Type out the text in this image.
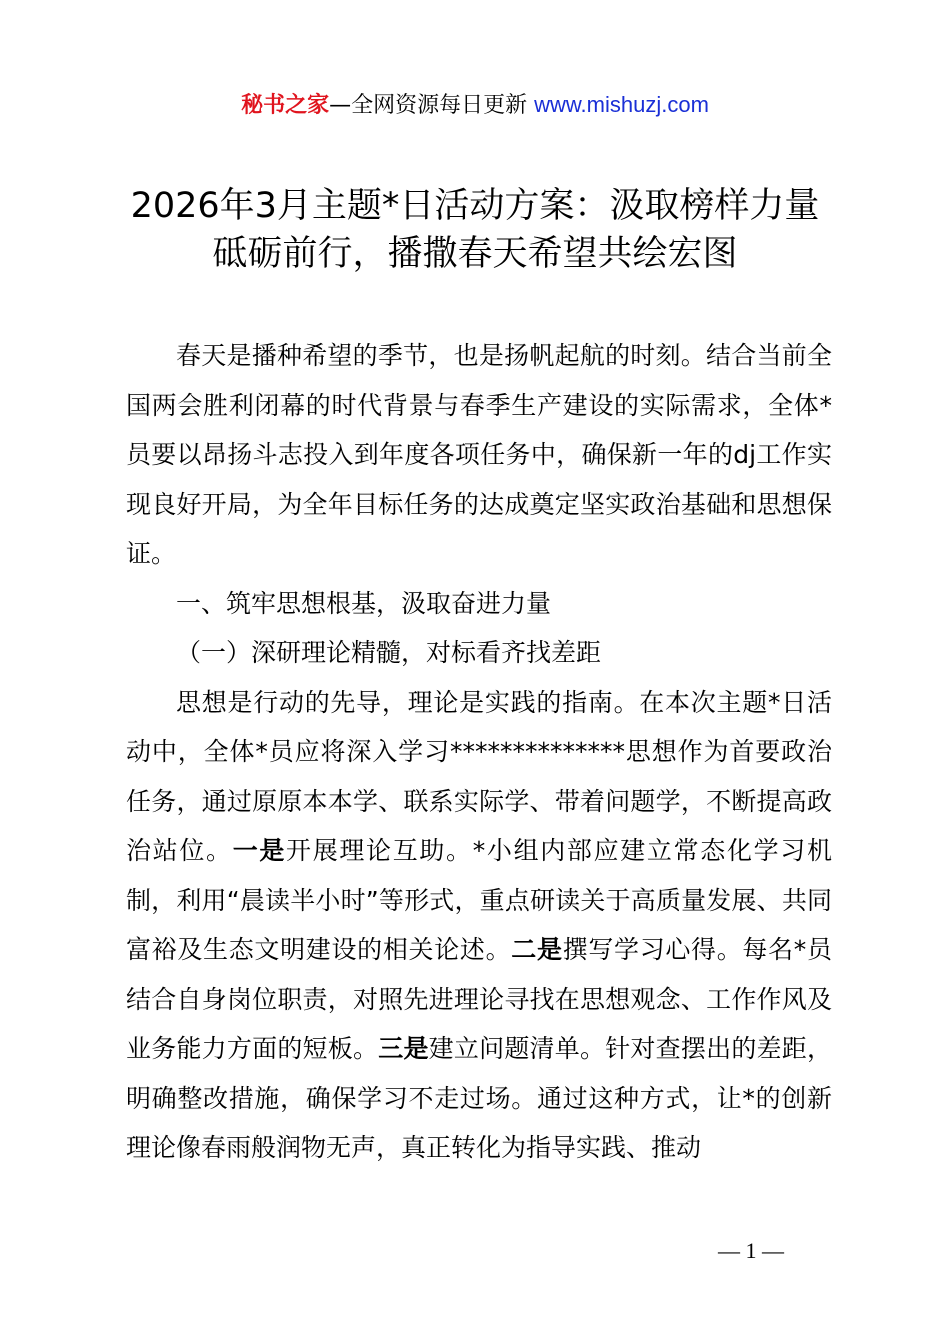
秘书之家—全网资源每日更新 www.mishuzj.com
2026年3月主题*日活动方案：汲取榜样力量
砥砺前行，播撒春天希望共绘宏图

春天是播种希望的季节，也是扬帆起航的时刻。结合当前全国两会胜利闭幕的时代背景与春季生产建设的实际需求，全体*员要以昂扬斗志投入到年度各项任务中，确保新一年的dj工作实现良好开局，为全年目标任务的达成奠定坚实政治基础和思想保证。

一、筑牢思想根基，汲取奋进力量

（一）深研理论精髓，对标看齐找差距

思想是行动的先导，理论是实践的指南。在本次主题*日活动中，全体*员应将深入学习**************思想作为首要政治任务，通过原原本本学、联系实际学、带着问题学，不断提高政治站位。一是开展理论互助。*小组内部应建立常态化学习机制，利用“晨读半小时”等形式，重点研读关于高质量发展、共同富裕及生态文明建设的相关论述。二是撰写学习心得。每名*员结合自身岗位职责，对照先进理论寻找在思想观念、工作作风及业务能力方面的短板。三是建立问题清单。针对查摆出的差距，明确整改措施，确保学习不走过场。通过这种方式，让*的创新理论像春雨般润物无声，真正转化为指导实践、推动

— 1 —
